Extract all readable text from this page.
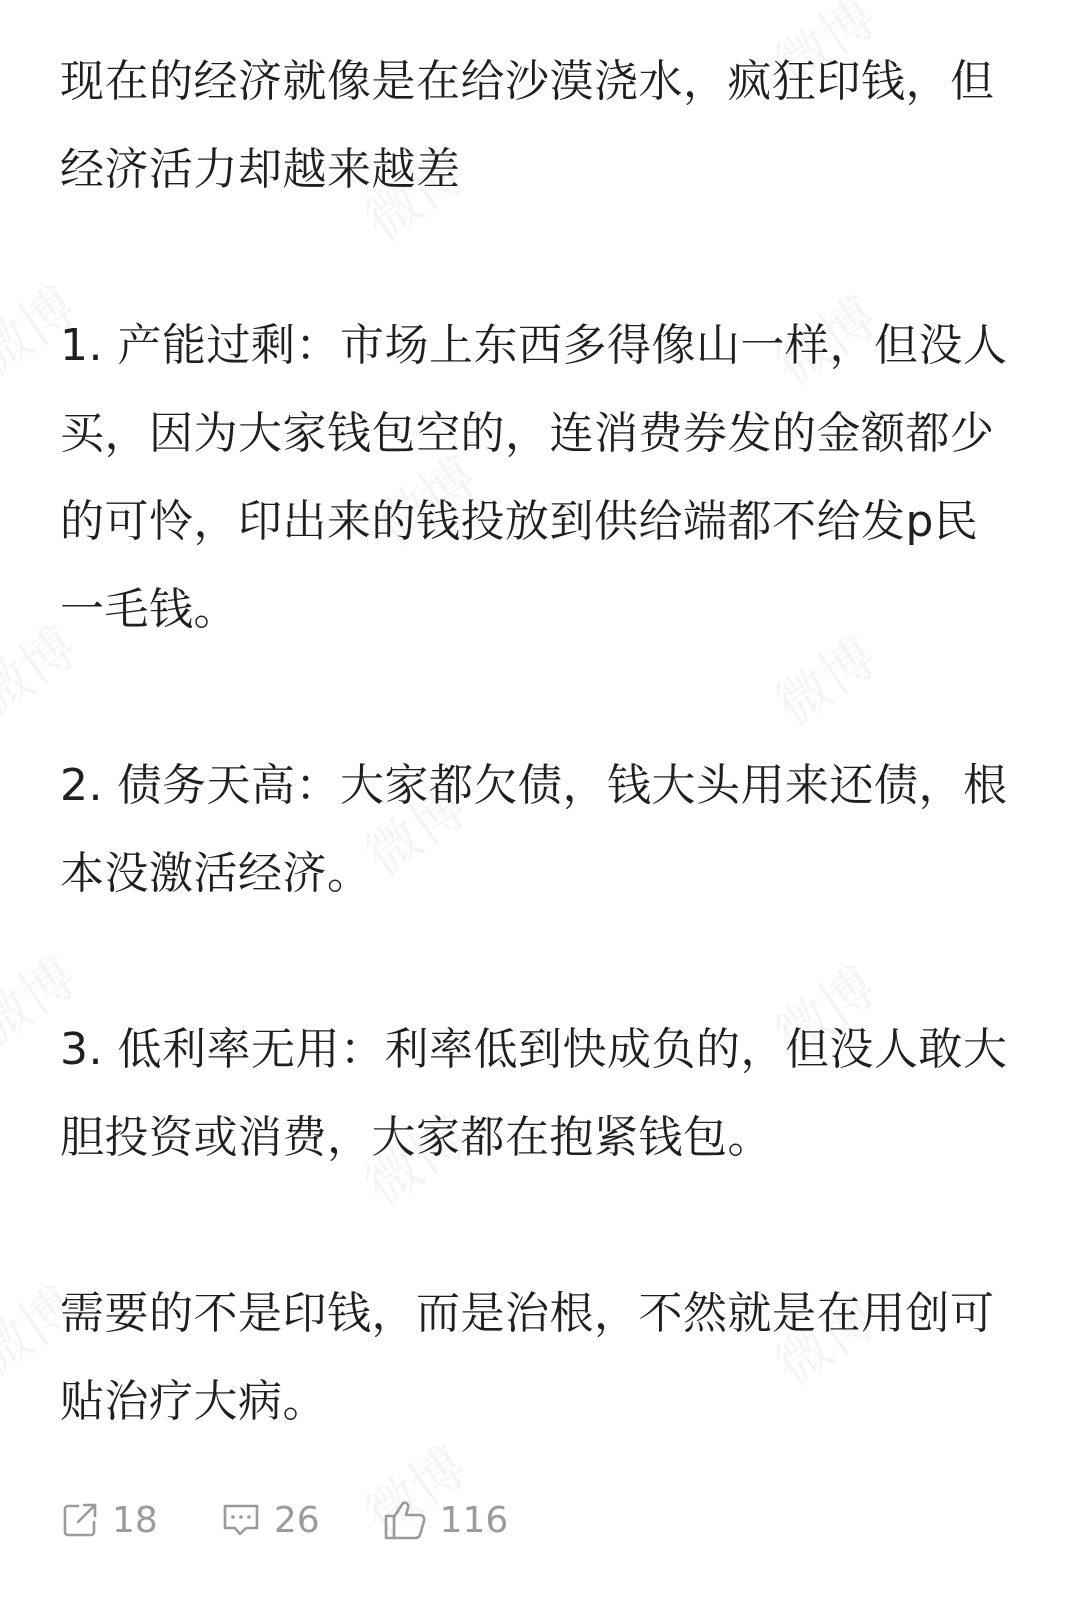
现在的经济就像是在给沙漠浇水，疯狂印钱，但经济活力却越来越差

1. 产能过剩：市场上东西多得像山一样，但没人买，因为大家钱包空的，连消费券发的金额都少的可怜，印出来的钱投放到供给端都不给发p民一毛钱。

2. 债务天高：大家都欠债，钱大头用来还债，根本没激活经济。

3. 低利率无用：利率低到快成负的，但没人敢大胆投资或消费，大家都在抱紧钱包。

需要的不是印钱，而是治根，不然就是在用创可贴治疗大病。

18	26	116
